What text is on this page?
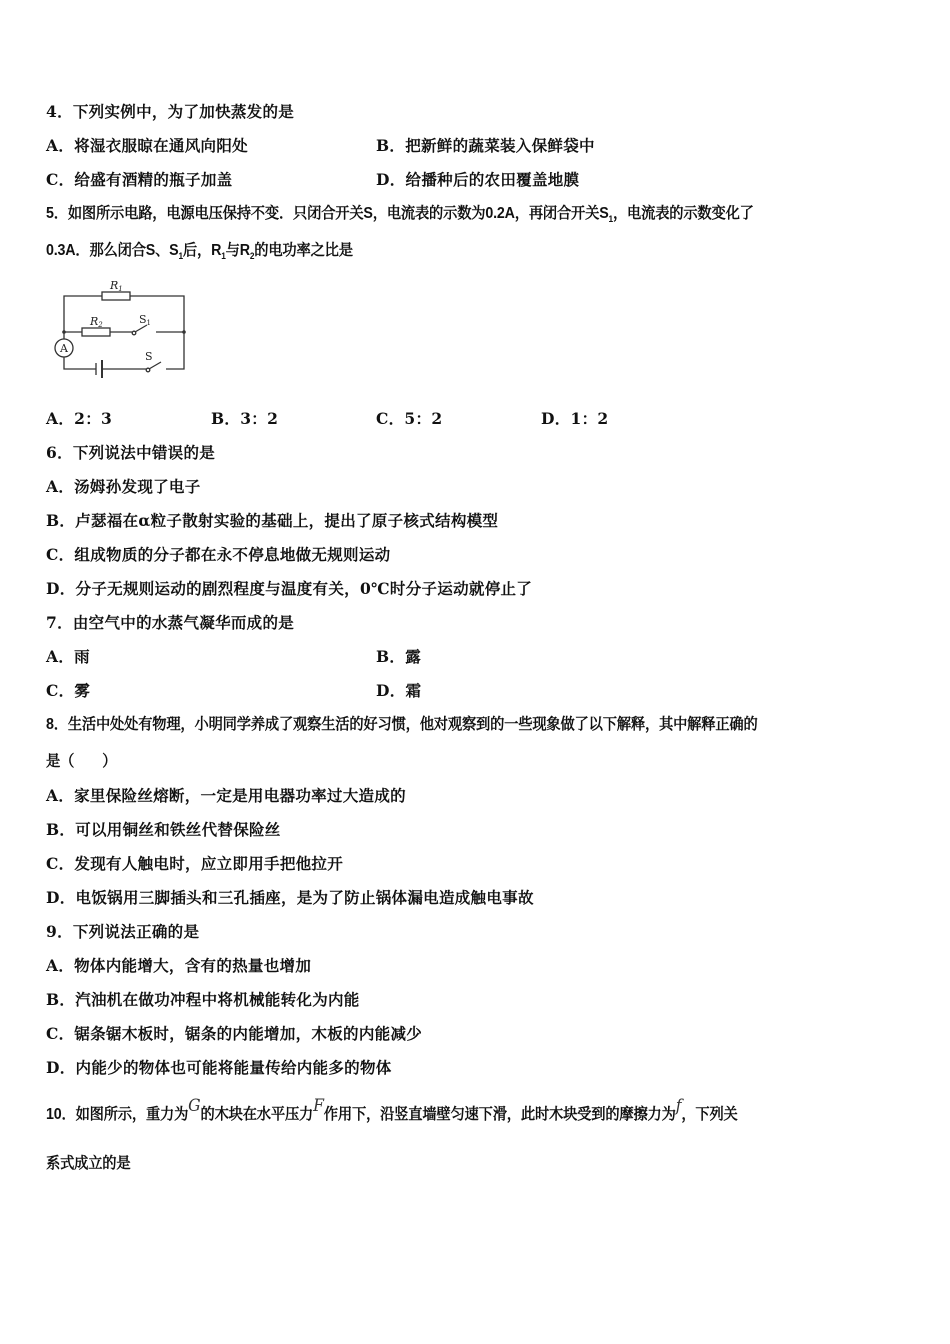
4．下列实例中，为了加快蒸发的是
A．将湿衣服晾在通风向阳处	B．把新鲜的蔬菜装入保鲜袋中
C．给盛有酒精的瓶子加盖	D．给播种后的农田覆盖地膜
5．如图所示电路，电源电压保持不变．只闭合开关S，电流表的示数为0.2A，再闭合开关$S_1$，电流表的示数变化了
0.3A．那么闭合S、$S_1$后，$R_1$与$R_2$的电功率之比是
R1
R2	S1
S
A
A．2：3	B．3：2	C．5：2	D．1：2
6．下列说法中错误的是
A．汤姆孙发现了电子
B．卢瑟福在α粒子散射实验的基础上，提出了原子核式结构模型
C．组成物质的分子都在永不停息地做无规则运动
D．分子无规则运动的剧烈程度与温度有关，0℃时分子运动就停止了
7．由空气中的水蒸气凝华而成的是
A．雨	B．露
C．雾	D．霜
8．生活中处处有物理，小明同学养成了观察生活的好习惯，他对观察到的一些现象做了以下解释，其中解释正确的
是（　　）
A．家里保险丝熔断，一定是用电器功率过大造成的
B．可以用铜丝和铁丝代替保险丝
C．发现有人触电时，应立即用手把他拉开
D．电饭锅用三脚插头和三孔插座，是为了防止锅体漏电造成触电事故
9．下列说法正确的是
A．物体内能增大，含有的热量也增加
B．汽油机在做功冲程中将机械能转化为内能
C．锯条锯木板时，锯条的内能增加，木板的内能减少
D．内能少的物体也可能将能量传给内能多的物体
10．如图所示，重力为G的木块在水平压力F作用下，沿竖直墙壁匀速下滑，此时木块受到的摩擦力为f，下列关
系式成立的是
